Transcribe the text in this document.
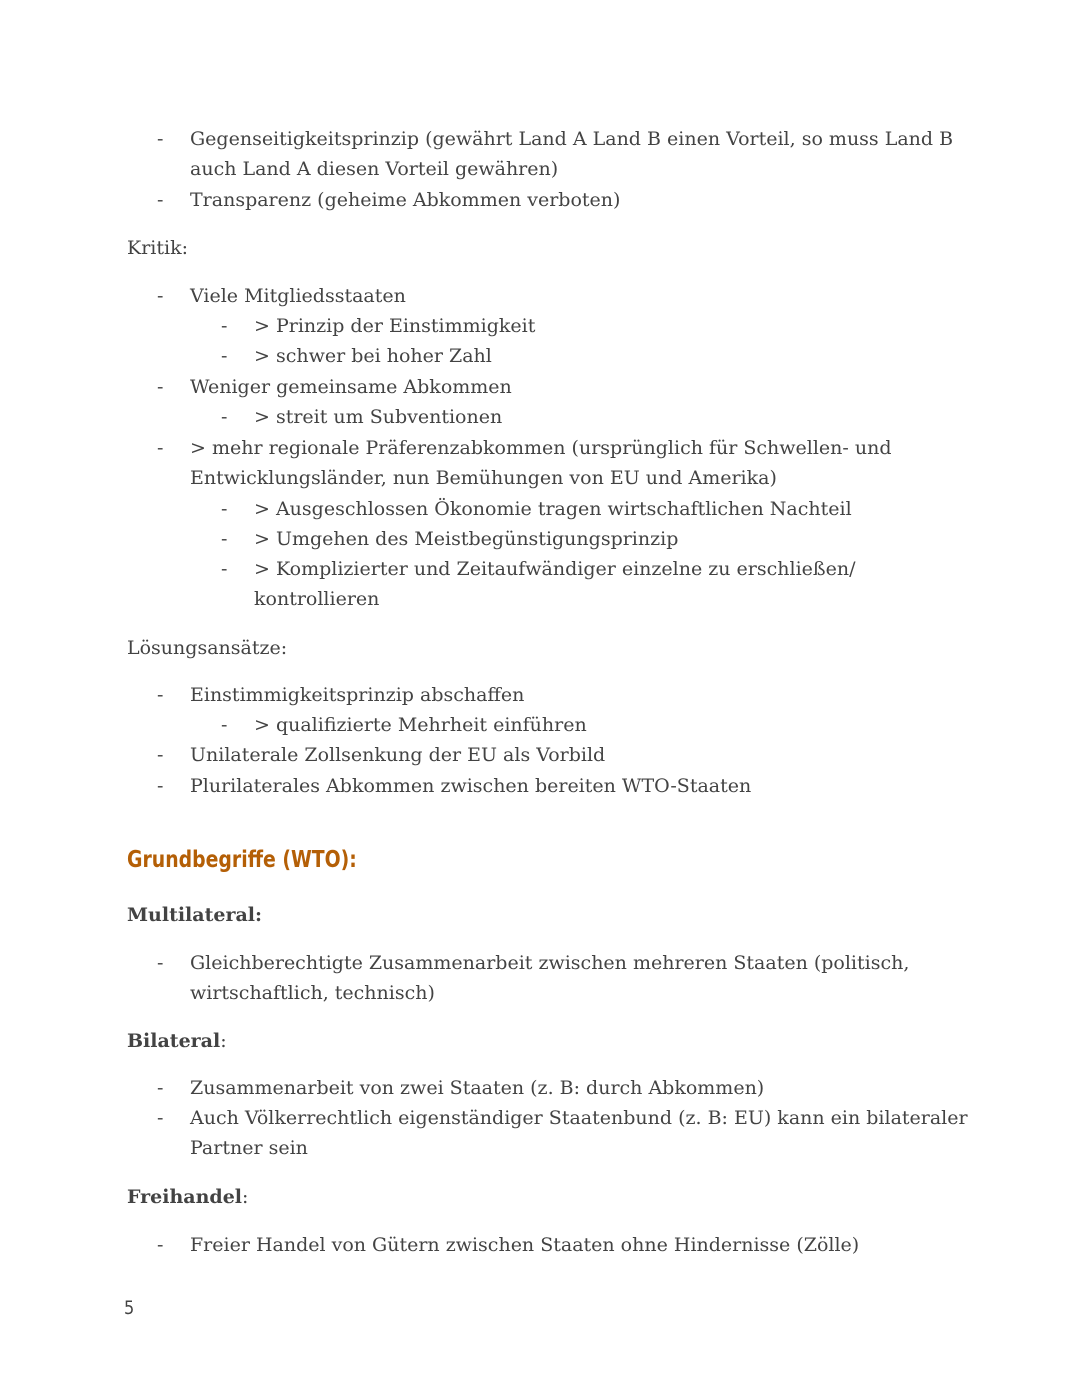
- Gegenseitigkeitsprinzip (gewährt Land A Land B einen Vorteil, so muss Land B
auch Land A diesen Vorteil gewähren)
- Transparenz (geheime Abkommen verboten)
Kritik:
- Viele Mitgliedsstaaten
- > Prinzip der Einstimmigkeit
- > schwer bei hoher Zahl
- Weniger gemeinsame Abkommen
- > streit um Subventionen
- > mehr regionale Präferenzabkommen (ursprünglich für Schwellen- und
Entwicklungsländer, nun Bemühungen von EU und Amerika)
- > Ausgeschlossen Ökonomie tragen wirtschaftlichen Nachteil
- > Umgehen des Meistbegünstigungsprinzip
- > Komplizierter und Zeitaufwändiger einzelne zu erschließen/
kontrollieren
Lösungsansätze:
- Einstimmigkeitsprinzip abschaffen
- > qualifizierte Mehrheit einführen
- Unilaterale Zollsenkung der EU als Vorbild
- Plurilaterales Abkommen zwischen bereiten WTO-Staaten
Grundbegriffe (WTO):
Multilateral:
- Gleichberechtigte Zusammenarbeit zwischen mehreren Staaten (politisch,
wirtschaftlich, technisch)
Bilateral:
- Zusammenarbeit von zwei Staaten (z. B: durch Abkommen)
- Auch Völkerrechtlich eigenständiger Staatenbund (z. B: EU) kann ein bilateraler
Partner sein
Freihandel:
- Freier Handel von Gütern zwischen Staaten ohne Hindernisse (Zölle)
5
